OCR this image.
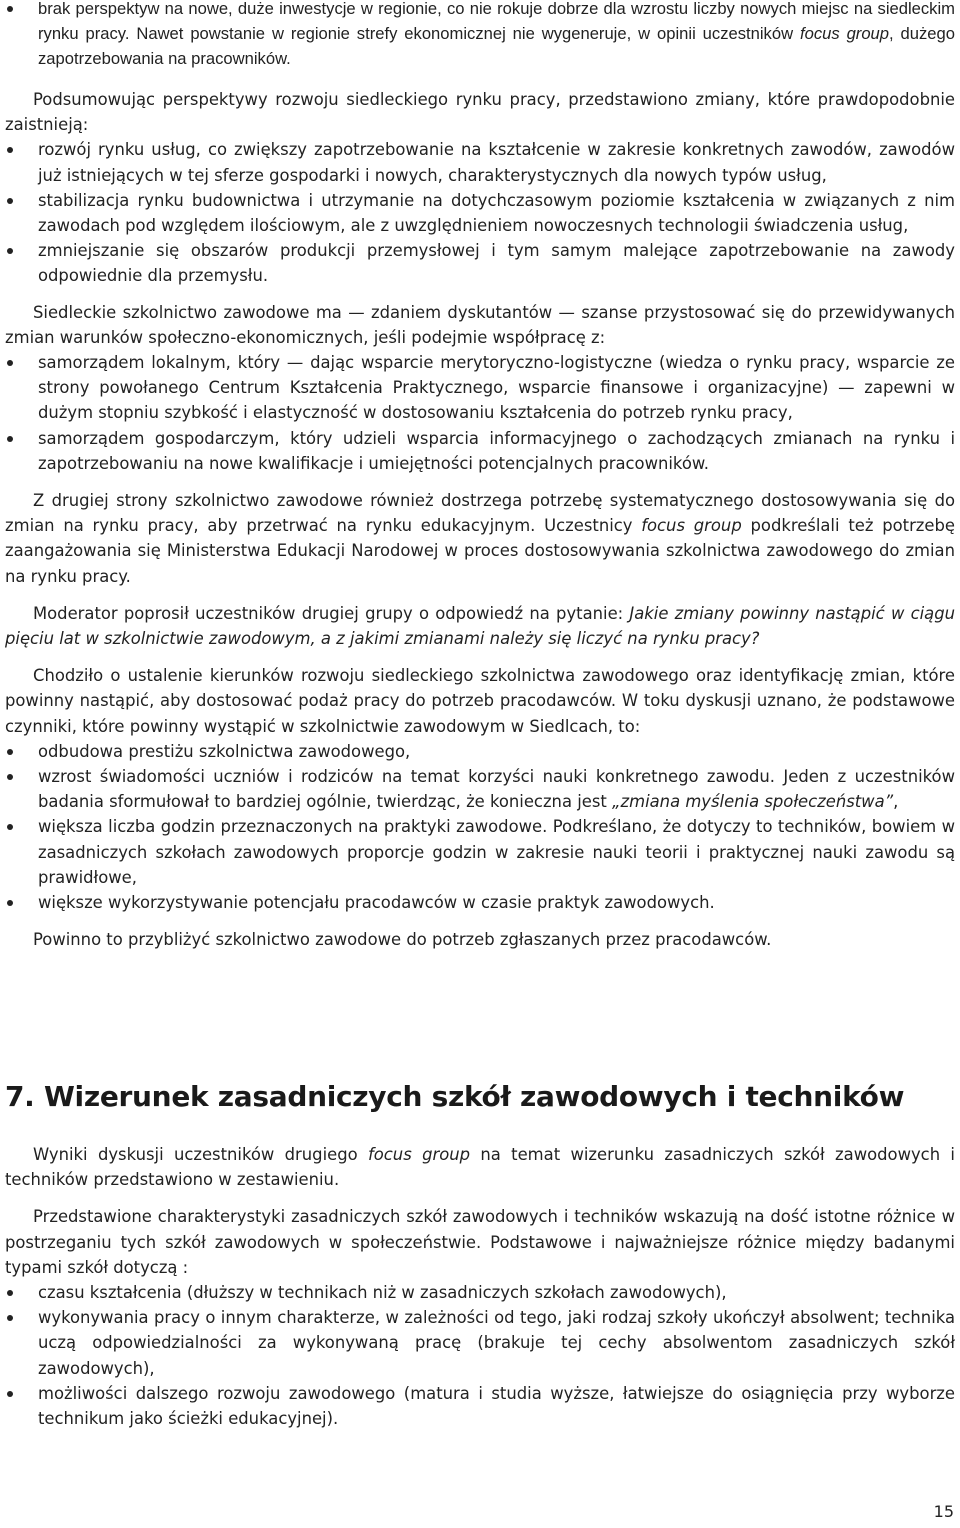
brak perspektyw na nowe, duże inwestycje w regionie, co nie rokuje dobrze dla wzrostu liczby nowych miejsc na siedleckim rynku pracy. Nawet powstanie w regionie strefy ekonomicznej nie wygeneruje, w opinii uczestników focus group, dużego zapotrzebowania na pracowników.

Podsumowując perspektywy rozwoju siedleckiego rynku pracy, przedstawiono zmiany, które prawdopodobnie zaistnieją:

rozwój rynku usług, co zwiększy zapotrzebowanie na kształcenie w zakresie konkretnych zawodów, zawodów już istniejących w tej sferze gospodarki i nowych, charakterystycznych dla nowych typów usług,
stabilizacja rynku budownictwa i utrzymanie na dotychczasowym poziomie kształcenia w związanych z nim zawodach pod względem ilościowym, ale z uwzględnieniem nowoczesnych technologii świadczenia usług,
zmniejszanie się obszarów produkcji przemysłowej i tym samym malejące zapotrzebowanie na zawody odpowiednie dla przemysłu.

Siedleckie szkolnictwo zawodowe ma — zdaniem dyskutantów — szanse przystosować się do przewidywanych zmian warunków społeczno-ekonomicznych, jeśli podejmie współpracę z:

samorządem lokalnym, który — dając wsparcie merytoryczno-logistyczne (wiedza o rynku pracy, wsparcie ze strony powołanego Centrum Kształcenia Praktycznego, wsparcie finansowe i organizacyjne) — zapewni w dużym stopniu szybkość i elastyczność w dostosowaniu kształcenia do potrzeb rynku pracy,
samorządem gospodarczym, który udzieli wsparcia informacyjnego o zachodzących zmianach na rynku i zapotrzebowaniu na nowe kwalifikacje i umiejętności potencjalnych pracowników.

Z drugiej strony szkolnictwo zawodowe również dostrzega potrzebę systematycznego dostosowywania się do zmian na rynku pracy, aby przetrwać na rynku edukacyjnym. Uczestnicy focus group podkreślali też potrzebę zaangażowania się Ministerstwa Edukacji Narodowej w proces dostosowywania szkolnictwa zawodowego do zmian na rynku pracy.

Moderator poprosił uczestników drugiej grupy o odpowiedź na pytanie: Jakie zmiany powinny nastąpić w ciągu pięciu lat w szkolnictwie zawodowym, a z jakimi zmianami należy się liczyć na rynku pracy?

Chodziło o ustalenie kierunków rozwoju siedleckiego szkolnictwa zawodowego oraz identyfikację zmian, które powinny nastąpić, aby dostosować podaż pracy do potrzeb pracodawców. W toku dyskusji uznano, że podstawowe czynniki, które powinny wystąpić w szkolnictwie zawodowym w Siedlcach, to:

odbudowa prestiżu szkolnictwa zawodowego,
wzrost świadomości uczniów i rodziców na temat korzyści nauki konkretnego zawodu. Jeden z uczestników badania sformułował to bardziej ogólnie, twierdząc, że konieczna jest „zmiana myślenia społeczeństwa”,
większa liczba godzin przeznaczonych na praktyki zawodowe. Podkreślano, że dotyczy to techników, bowiem w zasadniczych szkołach zawodowych proporcje godzin w zakresie nauki teorii i praktycznej nauki zawodu są prawidłowe,
większe wykorzystywanie potencjału pracodawców w czasie praktyk zawodowych.

Powinno to przybliżyć szkolnictwo zawodowe do potrzeb zgłaszanych przez pracodawców.

7. Wizerunek zasadniczych szkół zawodowych i techników

Wyniki dyskusji uczestników drugiego focus group na temat wizerunku zasadniczych szkół zawodowych i techników przedstawiono w zestawieniu.

Przedstawione charakterystyki zasadniczych szkół zawodowych i techników wskazują na dość istotne różnice w postrzeganiu tych szkół zawodowych w społeczeństwie. Podstawowe i najważniejsze różnice między badanymi typami szkół dotyczą :

czasu kształcenia (dłuższy w technikach niż w zasadniczych szkołach zawodowych),
wykonywania pracy o innym charakterze, w zależności od tego, jaki rodzaj szkoły ukończył absolwent; technika uczą odpowiedzialności za wykonywaną pracę (brakuje tej cechy absolwentom zasadniczych szkół zawodowych),
możliwości dalszego rozwoju zawodowego (matura i studia wyższe, łatwiejsze do osiągnięcia przy wyborze technikum jako ścieżki edukacyjnej).
15
